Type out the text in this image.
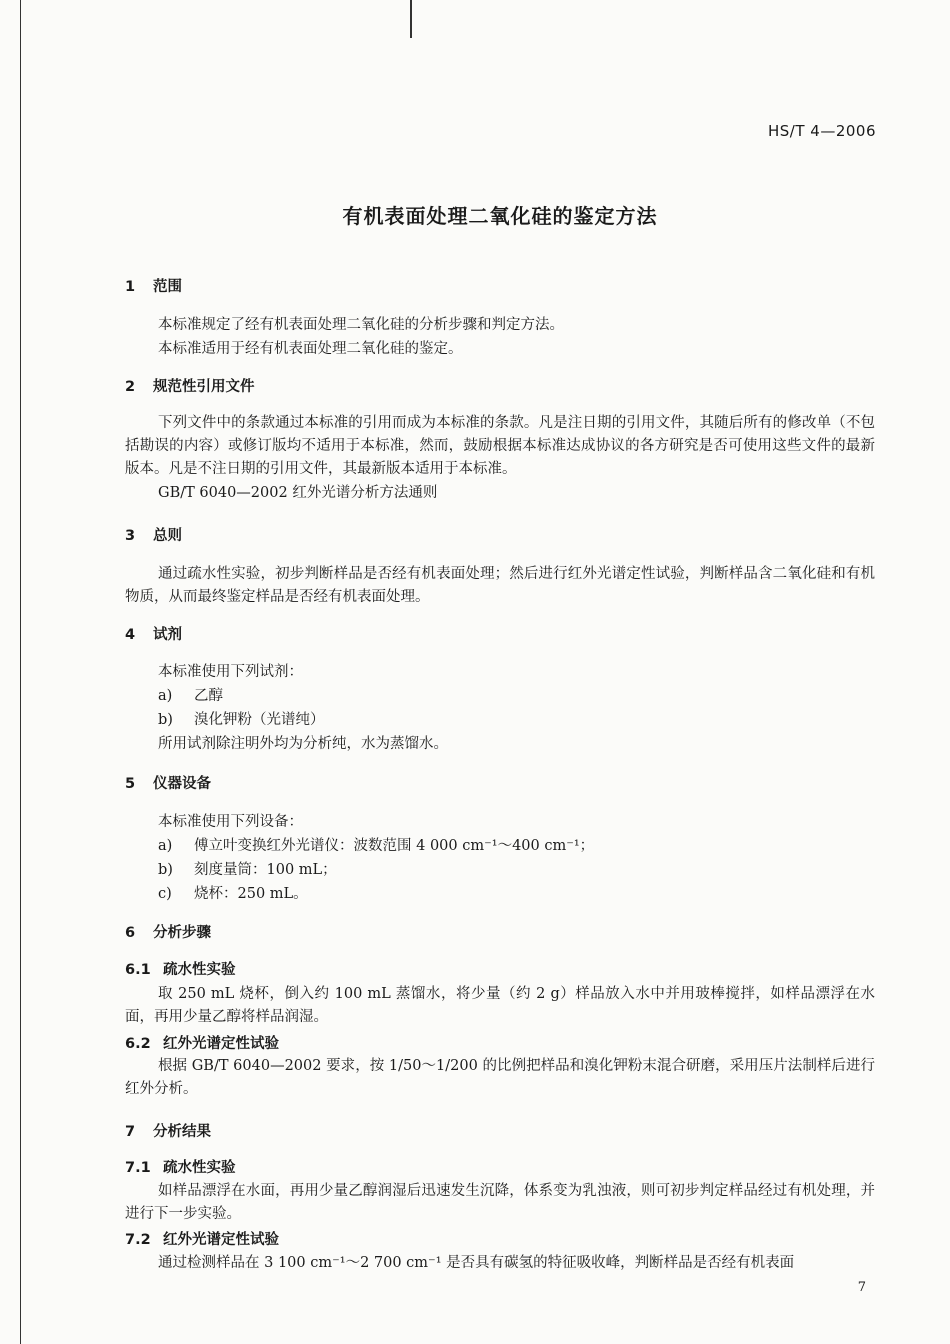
HS/T 4—2006
有机表面处理二氧化硅的鉴定方法
1 范围
本标准规定了经有机表面处理二氧化硅的分析步骤和判定方法。
本标准适用于经有机表面处理二氧化硅的鉴定。
2 规范性引用文件
下列文件中的条款通过本标准的引用而成为本标准的条款。凡是注日期的引用文件，其随后所有的修改单（不包括勘误的内容）或修订版均不适用于本标准，然而，鼓励根据本标准达成协议的各方研究是否可使用这些文件的最新版本。凡是不注日期的引用文件，其最新版本适用于本标准。
GB/T 6040—2002 红外光谱分析方法通则
3 总则
通过疏水性实验，初步判断样品是否经有机表面处理；然后进行红外光谱定性试验，判断样品含二氧化硅和有机物质，从而最终鉴定样品是否经有机表面处理。
4 试剂
本标准使用下列试剂：
a) 乙醇
b) 溴化钾粉（光谱纯）
所用试剂除注明外均为分析纯，水为蒸馏水。
5 仪器设备
本标准使用下列设备：
a) 傅立叶变换红外光谱仪：波数范围 4 000 cm⁻¹～400 cm⁻¹；
b) 刻度量筒：100 mL；
c) 烧杯：250 mL。
6 分析步骤
6.1 疏水性实验
取 250 mL 烧杯，倒入约 100 mL 蒸馏水，将少量（约 2 g）样品放入水中并用玻棒搅拌，如样品漂浮在水面，再用少量乙醇将样品润湿。
6.2 红外光谱定性试验
根据 GB/T 6040—2002 要求，按 1/50～1/200 的比例把样品和溴化钾粉末混合研磨，采用压片法制样后进行红外分析。
7 分析结果
7.1 疏水性实验
如样品漂浮在水面，再用少量乙醇润湿后迅速发生沉降，体系变为乳浊液，则可初步判定样品经过有机处理，并进行下一步实验。
7.2 红外光谱定性试验
通过检测样品在 3 100 cm⁻¹～2 700 cm⁻¹ 是否具有碳氢的特征吸收峰，判断样品是否经有机表面
7
